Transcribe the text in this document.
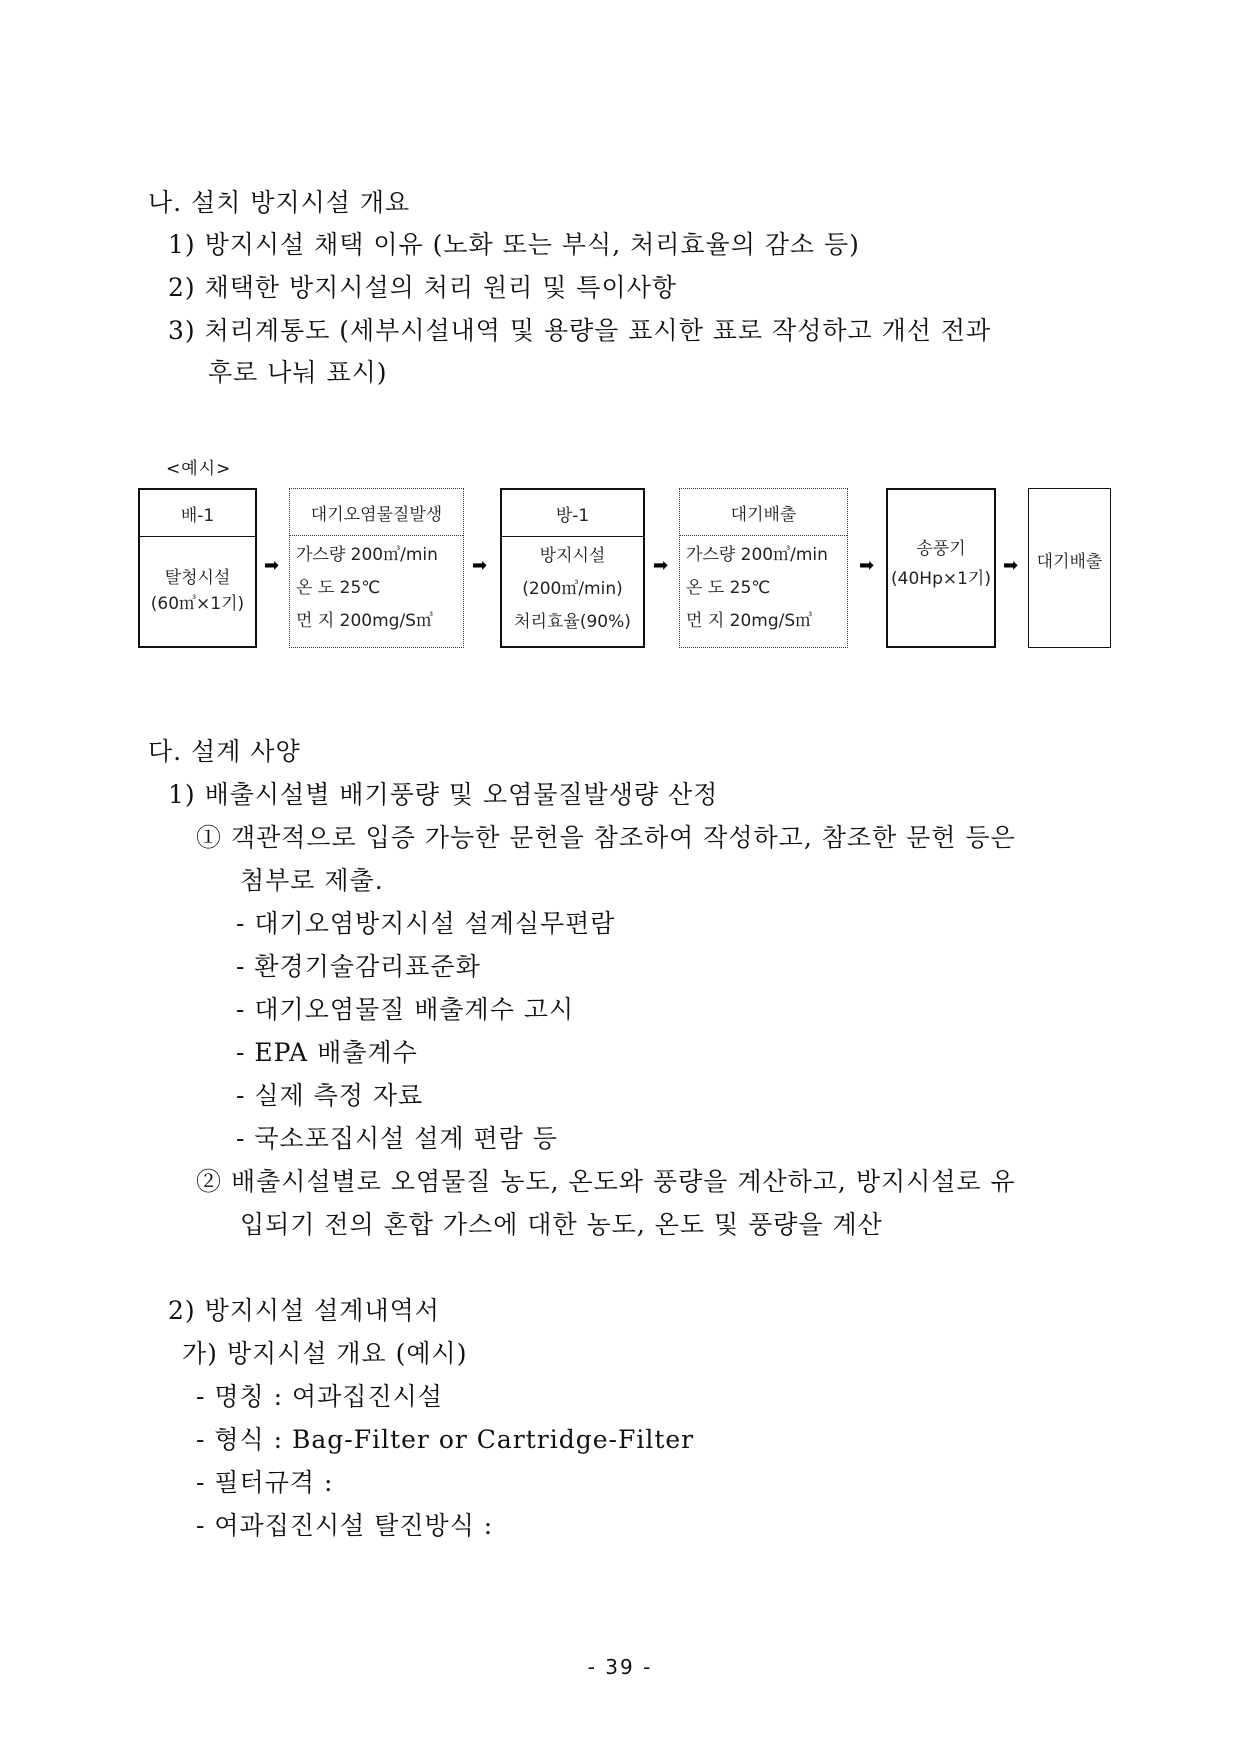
나. 설치 방지시설 개요
1) 방지시설 채택 이유 (노화 또는 부식, 처리효율의 감소 등)
2) 채택한 방지시설의 처리 원리 및 특이사항
3) 처리계통도 (세부시설내역 및 용량을 표시한 표로 작성하고 개선 전과
후로 나눠 표시)
<예시>
배-1
탈청시설
(60㎥×1기)
➡
대기오염물질발생
가스량 200㎥/min
온 도 25℃
먼 지 200mg/S㎥
➡
방-1
방지시설
(200㎥/min)
처리효율(90%)
➡
대기배출
가스량 200㎥/min
온 도 25℃
먼 지 20mg/S㎥
➡
송풍기
(40Hp×1기)
➡ 대기배출
다. 설계 사양
1) 배출시설별 배기풍량 및 오염물질발생량 산정
① 객관적으로 입증 가능한 문헌을 참조하여 작성하고, 참조한 문헌 등은
첨부로 제출.
- 대기오염방지시설 설계실무편람
- 환경기술감리표준화
- 대기오염물질 배출계수 고시
- EPA 배출계수
- 실제 측정 자료
- 국소포집시설 설계 편람 등
② 배출시설별로 오염물질 농도, 온도와 풍량을 계산하고, 방지시설로 유
입되기 전의 혼합 가스에 대한 농도, 온도 및 풍량을 계산
2) 방지시설 설계내역서
가) 방지시설 개요 (예시)
- 명칭 : 여과집진시설
- 형식 : Bag-Filter or Cartridge-Filter
- 필터규격 :
- 여과집진시설 탈진방식 :
- 39 -
